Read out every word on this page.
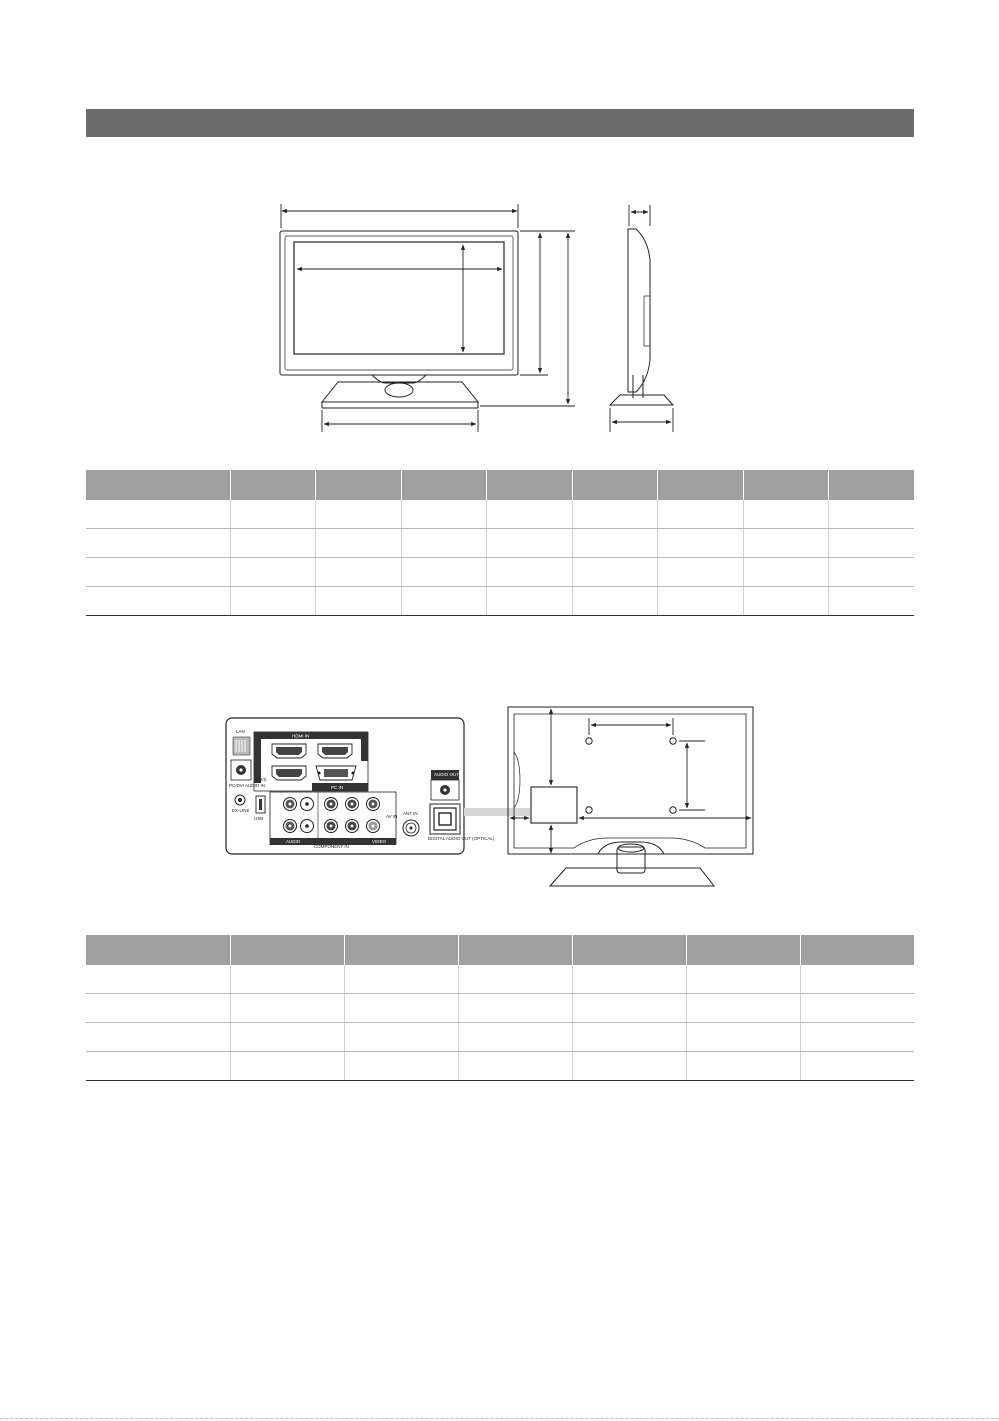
LAN
HDMI IN
(DVI)
PC IN
PC/DVI AUDIO IN
EX-LINK
USB
COMPONENT IN
AUDIO	VIDEO
AV IN
ANT IN
AUDIO OUT
DIGITAL AUDIO OUT (OPTICAL)
